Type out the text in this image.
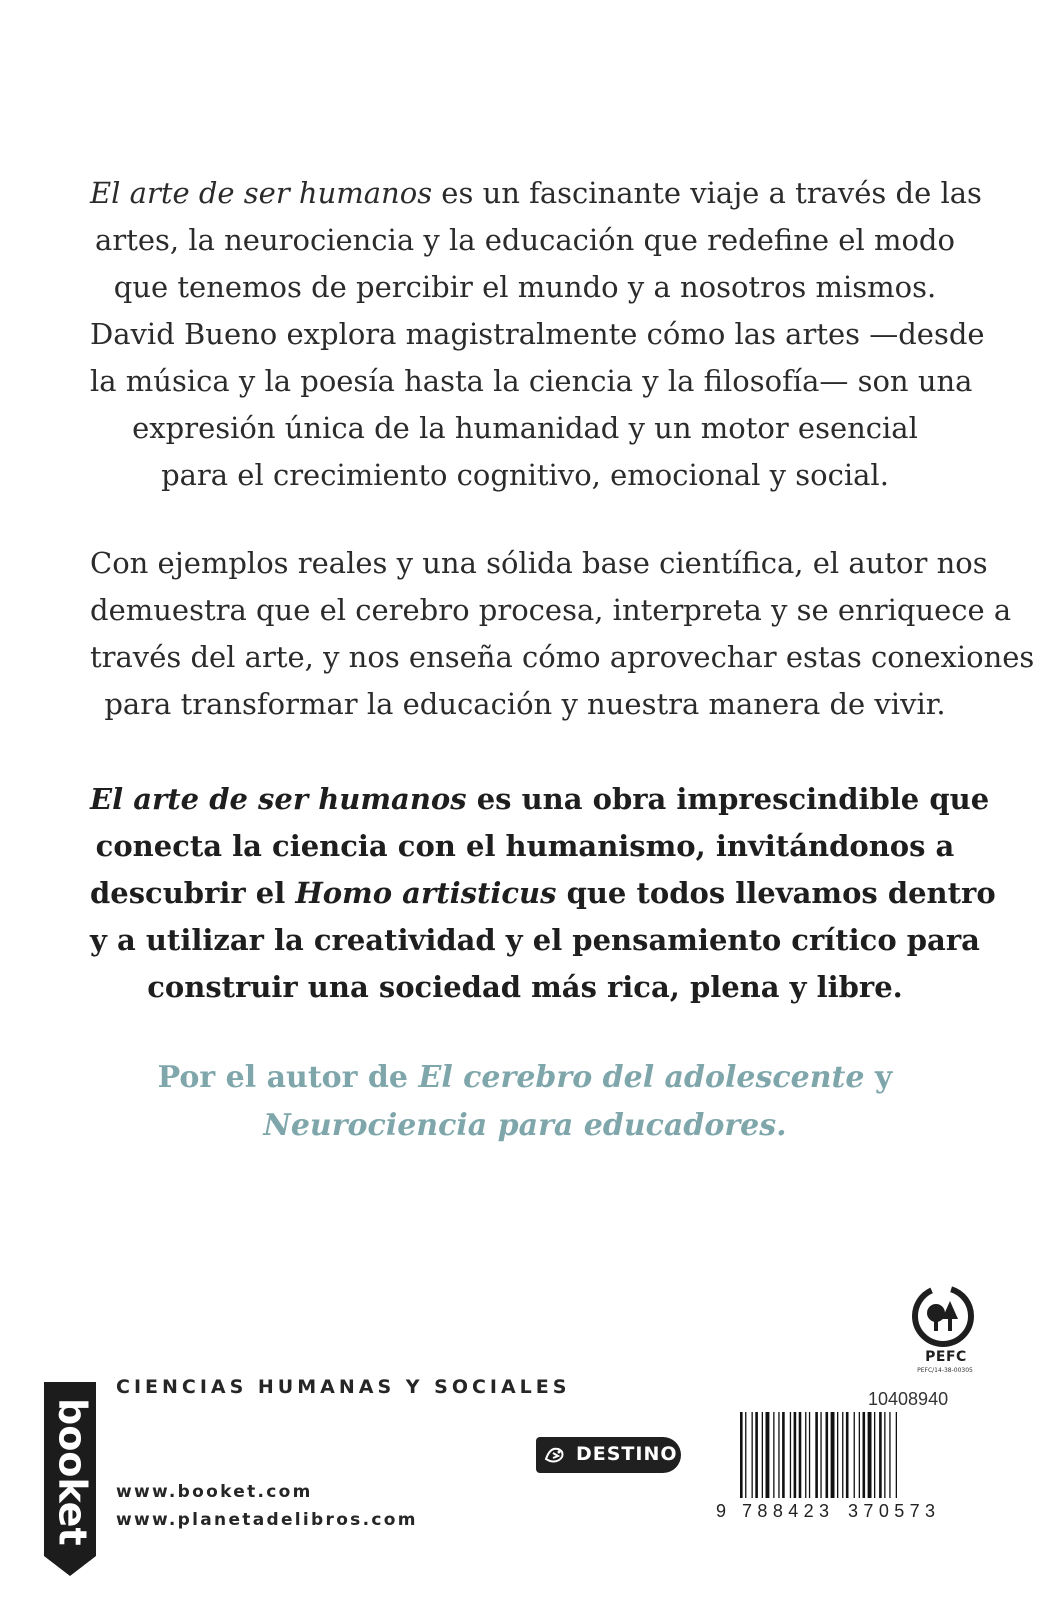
El arte de ser humanos es un fascinante viaje a través de las
artes, la neurociencia y la educación que redefine el modo
que tenemos de percibir el mundo y a nosotros mismos.
David Bueno explora magistralmente cómo las artes —desde
la música y la poesía hasta la ciencia y la filosofía— son una
expresión única de la humanidad y un motor esencial
para el crecimiento cognitivo, emocional y social.
Con ejemplos reales y una sólida base científica, el autor nos
demuestra que el cerebro procesa, interpreta y se enriquece a
través del arte, y nos enseña cómo aprovechar estas conexiones
para transformar la educación y nuestra manera de vivir.
El arte de ser humanos es una obra imprescindible que
conecta la ciencia con el humanismo, invitándonos a
descubrir el Homo artisticus que todos llevamos dentro
y a utilizar la creatividad y el pensamiento crítico para
construir una sociedad más rica, plena y libre.
Por el autor de El cerebro del adolescente y
Neurociencia para educadores.
booket
CIENCIAS HUMANAS Y SOCIALES
www.booket.com
www.planetadelibros.com
DESTINO
PEFC
PEFC/14-38-00305
10408940
9 788423 370573
